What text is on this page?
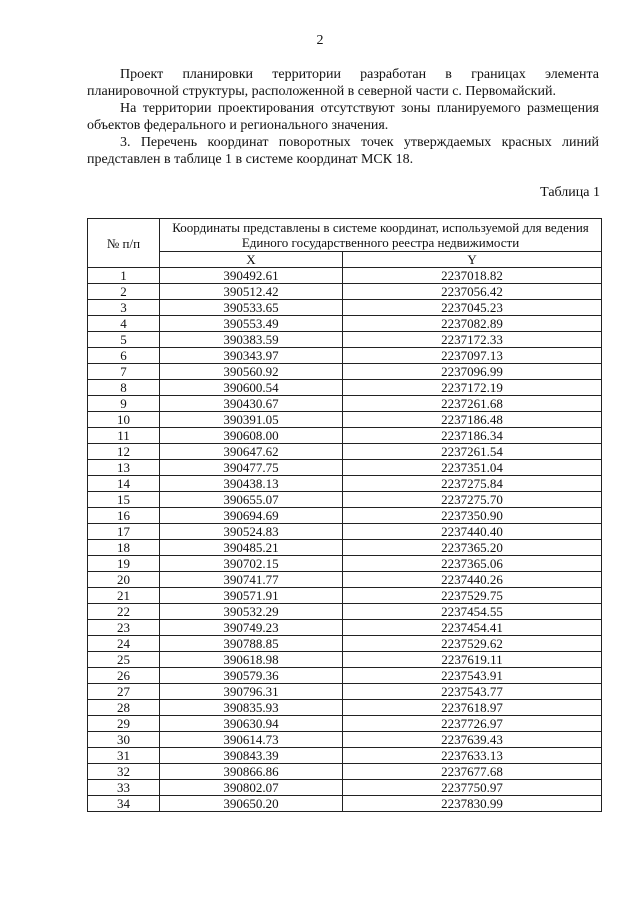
2

Проект планировки территории разработан в границах элемента планировочной структуры, расположенной в северной части с. Первомайский.

На территории проектирования отсутствуют зоны планируемого размещения объектов федерального и регионального значения.

3. Перечень координат поворотных точек утверждаемых красных линий представлен в таблице 1 в системе координат МСК 18.

Таблица 1
№ п/п	Координаты представлены в системе координат, используемой для ведения Единого государственного реестра недвижимости	
	X	Y
1	390492.61	2237018.82
2	390512.42	2237056.42
3	390533.65	2237045.23
4	390553.49	2237082.89
5	390383.59	2237172.33
6	390343.97	2237097.13
7	390560.92	2237096.99
8	390600.54	2237172.19
9	390430.67	2237261.68
10	390391.05	2237186.48
11	390608.00	2237186.34
12	390647.62	2237261.54
13	390477.75	2237351.04
14	390438.13	2237275.84
15	390655.07	2237275.70
16	390694.69	2237350.90
17	390524.83	2237440.40
18	390485.21	2237365.20
19	390702.15	2237365.06
20	390741.77	2237440.26
21	390571.91	2237529.75
22	390532.29	2237454.55
23	390749.23	2237454.41
24	390788.85	2237529.62
25	390618.98	2237619.11
26	390579.36	2237543.91
27	390796.31	2237543.77
28	390835.93	2237618.97
29	390630.94	2237726.97
30	390614.73	2237639.43
31	390843.39	2237633.13
32	390866.86	2237677.68
33	390802.07	2237750.97
34	390650.20	2237830.99
